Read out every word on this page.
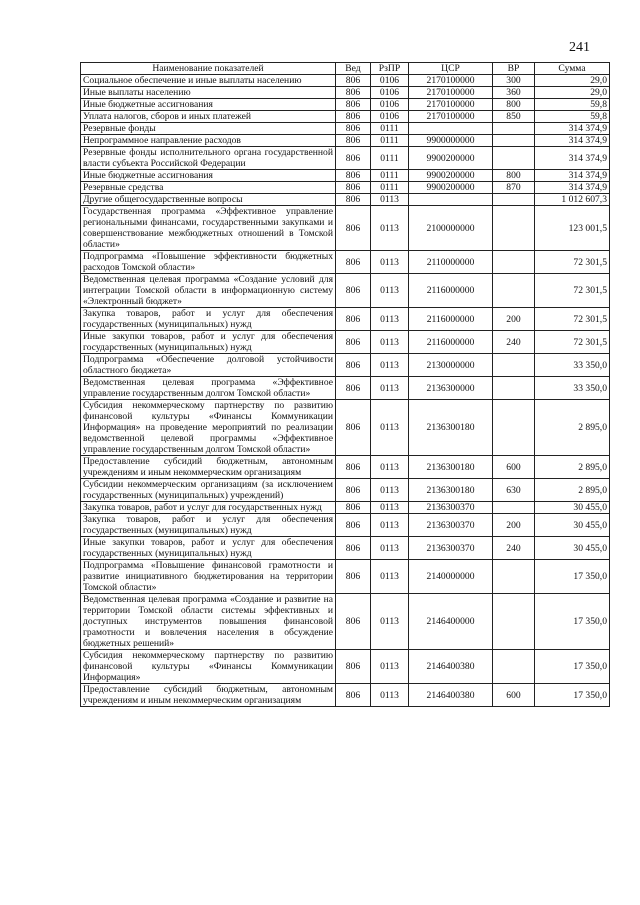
241
Наименование показателей	Вед	РзПР	ЦСР	ВР	Сумма
Социальное обеспечение и иные выплаты населению	806	0106	2170100000	300	29,0
Иные выплаты населению	806	0106	2170100000	360	29,0
Иные бюджетные ассигнования	806	0106	2170100000	800	59,8
Уплата налогов, сборов и иных платежей	806	0106	2170100000	850	59,8
Резервные фонды	806	0111			314 374,9
Непрограммное направление расходов	806	0111	9900000000		314 374,9
Резервные фонды исполнительного органа государственной власти субъекта Российской Федерации	806	0111	9900200000		314 374,9
Иные бюджетные ассигнования	806	0111	9900200000	800	314 374,9
Резервные средства	806	0111	9900200000	870	314 374,9
Другие общегосударственные вопросы	806	0113			1 012 607,3
Государственная программа «Эффективное управление региональными финансами, государственными закупками и совершенствование межбюджетных отношений в Томской области»	806	0113	2100000000		123 001,5
Подпрограмма «Повышение эффективности бюджетных расходов Томской области»	806	0113	2110000000		72 301,5
Ведомственная целевая программа «Создание условий для интеграции Томской области в информационную систему «Электронный бюджет»	806	0113	2116000000		72 301,5
Закупка товаров, работ и услуг для обеспечения государственных (муниципальных) нужд	806	0113	2116000000	200	72 301,5
Иные закупки товаров, работ и услуг для обеспечения государственных (муниципальных) нужд	806	0113	2116000000	240	72 301,5
Подпрограмма «Обеспечение долговой устойчивости областного бюджета»	806	0113	2130000000		33 350,0
Ведомственная целевая программа «Эффективное управление государственным долгом Томской области»	806	0113	2136300000		33 350,0
Субсидия некоммерческому партнерству по развитию финансовой культуры «Финансы Коммуникации Информация» на проведение мероприятий по реализации ведомственной целевой программы «Эффективное управление государственным долгом Томской области»	806	0113	2136300180		2 895,0
Предоставление субсидий бюджетным, автономным учреждениям и иным некоммерческим организациям	806	0113	2136300180	600	2 895,0
Субсидии некоммерческим организациям (за исключением государственных (муниципальных) учреждений)	806	0113	2136300180	630	2 895,0
Закупка товаров, работ и услуг для государственных нужд	806	0113	2136300370		30 455,0
Закупка товаров, работ и услуг для обеспечения государственных (муниципальных) нужд	806	0113	2136300370	200	30 455,0
Иные закупки товаров, работ и услуг для обеспечения государственных (муниципальных) нужд	806	0113	2136300370	240	30 455,0
Подпрограмма «Повышение финансовой грамотности и развитие инициативного бюджетирования на территории Томской области»	806	0113	2140000000		17 350,0
Ведомственная целевая программа «Создание и развитие на территории Томской области системы эффективных и доступных инструментов повышения финансовой грамотности и вовлечения населения в обсуждение бюджетных решений»	806	0113	2146400000		17 350,0
Субсидия некоммерческому партнерству по развитию финансовой культуры «Финансы Коммуникации Информация»	806	0113	2146400380		17 350,0
Предоставление субсидий бюджетным, автономным учреждениям и иным некоммерческим организациям	806	0113	2146400380	600	17 350,0
